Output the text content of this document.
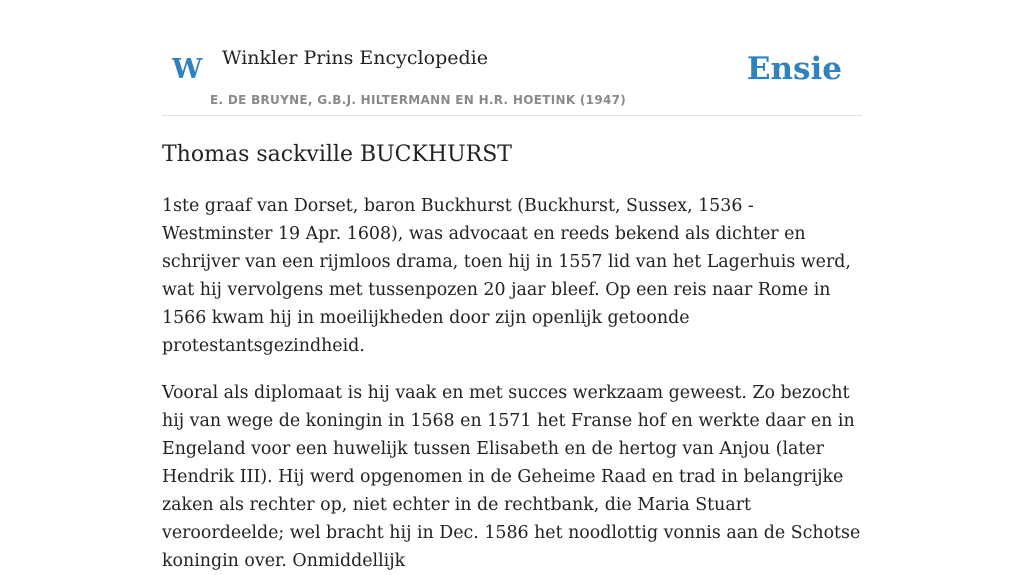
W Winkler Prins Encyclopedie
E. DE BRUYNE, G.B.J. HILTERMANN EN H.R. HOETINK (1947)
Ensie
Thomas sackville BUCKHURST

1ste graaf van Dorset, baron Buckhurst (Buckhurst, Sussex, 1536 - Westminster 19 Apr. 1608), was advocaat en reeds bekend als dichter en schrijver van een rijmloos drama, toen hij in 1557 lid van het Lagerhuis werd, wat hij vervolgens met tussenpozen 20 jaar bleef. Op een reis naar Rome in 1566 kwam hij in moeilijkheden door zijn openlijk getoonde protestantsgezindheid.

Vooral als diplomaat is hij vaak en met succes werkzaam geweest. Zo bezocht hij van wege de koningin in 1568 en 1571 het Franse hof en werkte daar en in Engeland voor een huwelijk tussen Elisabeth en de hertog van Anjou (later Hendrik III). Hij werd opgenomen in de Geheime Raad en trad in belangrijke zaken als rechter op, niet echter in de rechtbank, die Maria Stuart veroordeelde; wel bracht hij in Dec. 1586 het noodlottig vonnis aan de Schotse koningin over. Onmiddellijk
